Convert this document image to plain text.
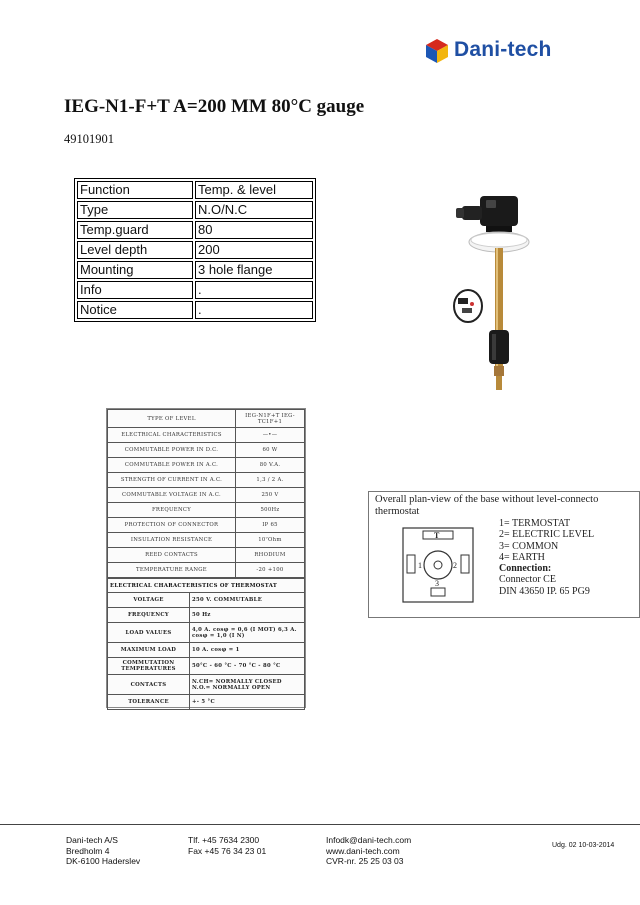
Dani-tech
IEG-N1-F+T A=200 MM 80°C gauge
49101901
Function	Temp. & level
Type	N.O/N.C
Temp.guard	80
Level depth	200
Mounting	3 hole flange
Info	.
Notice	.
TYPE OF LEVEL	IEG-N1F+T IEG-TC1F+1
ELECTRICAL CHARACTERISTICS	—•—
COMMUTABLE POWER IN D.C.	60 W
COMMUTABLE POWER IN A.C.	80 V.A.
STRENGTH OF CURRENT IN A.C.	1,3 / 2 A.
COMMUTABLE VOLTAGE IN A.C.	250 V
FREQUENCY	500Hz
PROTECTION OF CONNECTOR	IP 65
INSULATION RESISTANCE	10⁷Ohm
REED CONTACTS	RHODIUM
TEMPERATURE RANGE	-20 +100
ELECTRICAL CHARACTERISTICS OF THERMOSTAT	
VOLTAGE	250 V. COMMUTABLE
FREQUENCY	50 Hz
LOAD VALUES	4,0 A. cosφ = 0,6 (I MOT) 6,3 A. cosφ = 1,0 (I N)
MAXIMUM LOAD	10 A. cosφ = 1
COMMUTATION TEMPERATURES	50°C - 60 °C - 70 °C - 80 °C
CONTACTS	N.CH= NORMALLY CLOSED N.O.= NORMALLY OPEN
TOLERANCE	+- 5 °C
Overall plan-view of the base without level-connecto
thermostat
T
1	2
3
1= TERMOSTAT
2= ELECTRIC LEVEL
3= COMMON
4= EARTH
Connection:
Connector CE
DIN 43650 IP. 65 PG9
Dani-tech A/S
Bredholm 4
DK-6100 Haderslev
Tlf. +45 7634 2300
Fax +45 76 34 23 01
Infodk@dani-tech.com
www.dani-tech.com
CVR-nr. 25 25 03 03
Udg. 02 10-03-2014
